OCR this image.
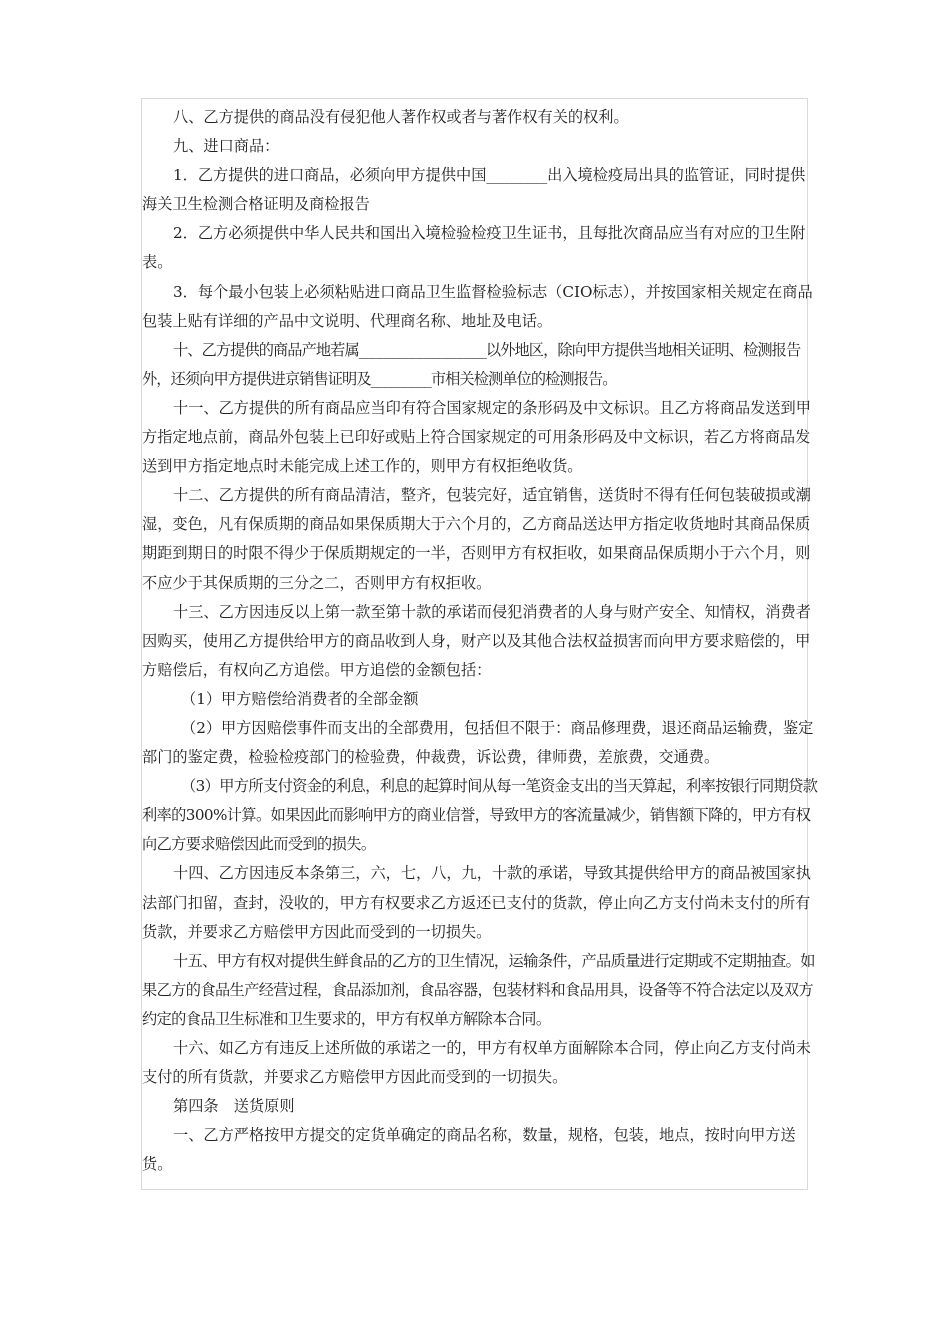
八、乙方提供的商品没有侵犯他人著作权或者与著作权有关的权利。

九、进口商品：

1．乙方提供的进口商品，必须向甲方提供中国________出入境检疫局出具的监管证，同时提供海关卫生检测合格证明及商检报告

2．乙方必须提供中华人民共和国出入境检验检疫卫生证书，且每批次商品应当有对应的卫生附表。

3．每个最小包装上必须粘贴进口商品卫生监督检验标志（CIO标志），并按国家相关规定在商品包装上贴有详细的产品中文说明、代理商名称、地址及电话。

十、乙方提供的商品产地若属___________________以外地区，除向甲方提供当地相关证明、检测报告外，还须向甲方提供进京销售证明及_________市相关检测单位的检测报告。

十一、乙方提供的所有商品应当印有符合国家规定的条形码及中文标识。且乙方将商品发送到甲方指定地点前，商品外包装上已印好或贴上符合国家规定的可用条形码及中文标识，若乙方将商品发送到甲方指定地点时未能完成上述工作的，则甲方有权拒绝收货。

十二、乙方提供的所有商品清洁，整齐，包装完好，适宜销售，送货时不得有任何包装破损或潮湿，变色，凡有保质期的商品如果保质期大于六个月的，乙方商品送达甲方指定收货地时其商品保质期距到期日的时限不得少于保质期规定的一半，否则甲方有权拒收，如果商品保质期小于六个月，则不应少于其保质期的三分之二，否则甲方有权拒收。

十三、乙方因违反以上第一款至第十款的承诺而侵犯消费者的人身与财产安全、知情权，消费者因购买，使用乙方提供给甲方的商品收到人身，财产以及其他合法权益损害而向甲方要求赔偿的，甲方赔偿后，有权向乙方追偿。甲方追偿的金额包括：

（1）甲方赔偿给消费者的全部金额

（2）甲方因赔偿事件而支出的全部费用，包括但不限于：商品修理费，退还商品运输费，鉴定部门的鉴定费，检验检疫部门的检验费，仲裁费，诉讼费，律师费，差旅费，交通费。

（3）甲方所支付资金的利息，利息的起算时间从每一笔资金支出的当天算起，利率按银行同期贷款利率的300%计算。如果因此而影响甲方的商业信誉，导致甲方的客流量减少，销售额下降的，甲方有权向乙方要求赔偿因此而受到的损失。

十四、乙方因违反本条第三，六，七，八，九，十款的承诺，导致其提供给甲方的商品被国家执法部门扣留，查封，没收的，甲方有权要求乙方返还已支付的货款，停止向乙方支付尚未支付的所有货款，并要求乙方赔偿甲方因此而受到的一切损失。

十五、甲方有权对提供生鲜食品的乙方的卫生情况，运输条件，产品质量进行定期或不定期抽查。如果乙方的食品生产经营过程，食品添加剂，食品容器，包装材料和食品用具，设备等不符合法定以及双方约定的食品卫生标准和卫生要求的，甲方有权单方解除本合同。

十六、如乙方有违反上述所做的承诺之一的，甲方有权单方面解除本合同，停止向乙方支付尚未支付的所有货款，并要求乙方赔偿甲方因此而受到的一切损失。

第四条　送货原则

一、乙方严格按甲方提交的定货单确定的商品名称，数量，规格，包装，地点，按时向甲方送货。
